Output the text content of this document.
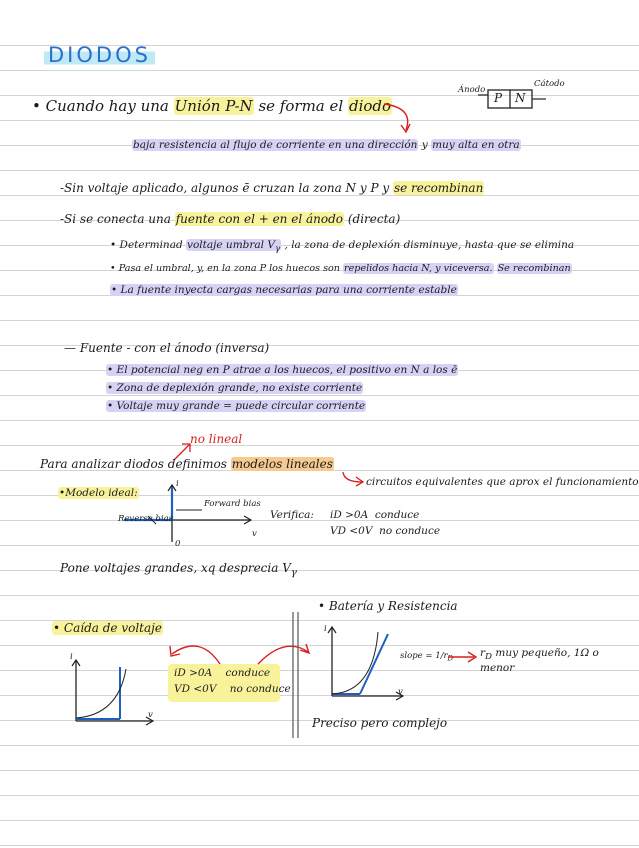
DIODOS
Ánodo
Cátodo
P N
• Cuando hay una Unión P-N se forma el diodo
baja resistencia al flujo de corriente en una dirección y muy alta en otra
-Sin voltaje aplicado, algunos ē cruzan la zona N y P y se recombinan
-Si se conecta una fuente con el + en el ánodo (directa)
• Determinad voltaje umbral $V_\gamma$ , la zona de deplexión disminuye, hasta que se elimina
• Pasa el umbral, y, en la zona P los huecos son repelidos hacia N, y viceversa. Se recombinan
• La fuente inyecta cargas necesarias para una corriente estable
— Fuente - con el ánodo (inversa)
• El potencial neg en P atrae a los huecos, el positivo en N a los ē
• Zona de deplexión grande, no existe corriente
• Voltaje muy grande = puede circular corriente
no lineal
Para analizar diodos definimos modelos lineales
circuitos equivalentes que aprox el funcionamiento
•Modelo ideal:
i
v
0
Forward bias
Reverse bias	Verifica: iD >0A  conduce
VD <0V  no conduce
Pone voltajes grandes, xq desprecia $V_\gamma$
• Caída de voltaje
i
v
iD >0A    conduce
VD <0V    no conduce
• Batería y Resistencia
i
v
slope = $1/r_D$	$r_D$ muy pequeño, 1Ω o menor
Preciso pero complejo
